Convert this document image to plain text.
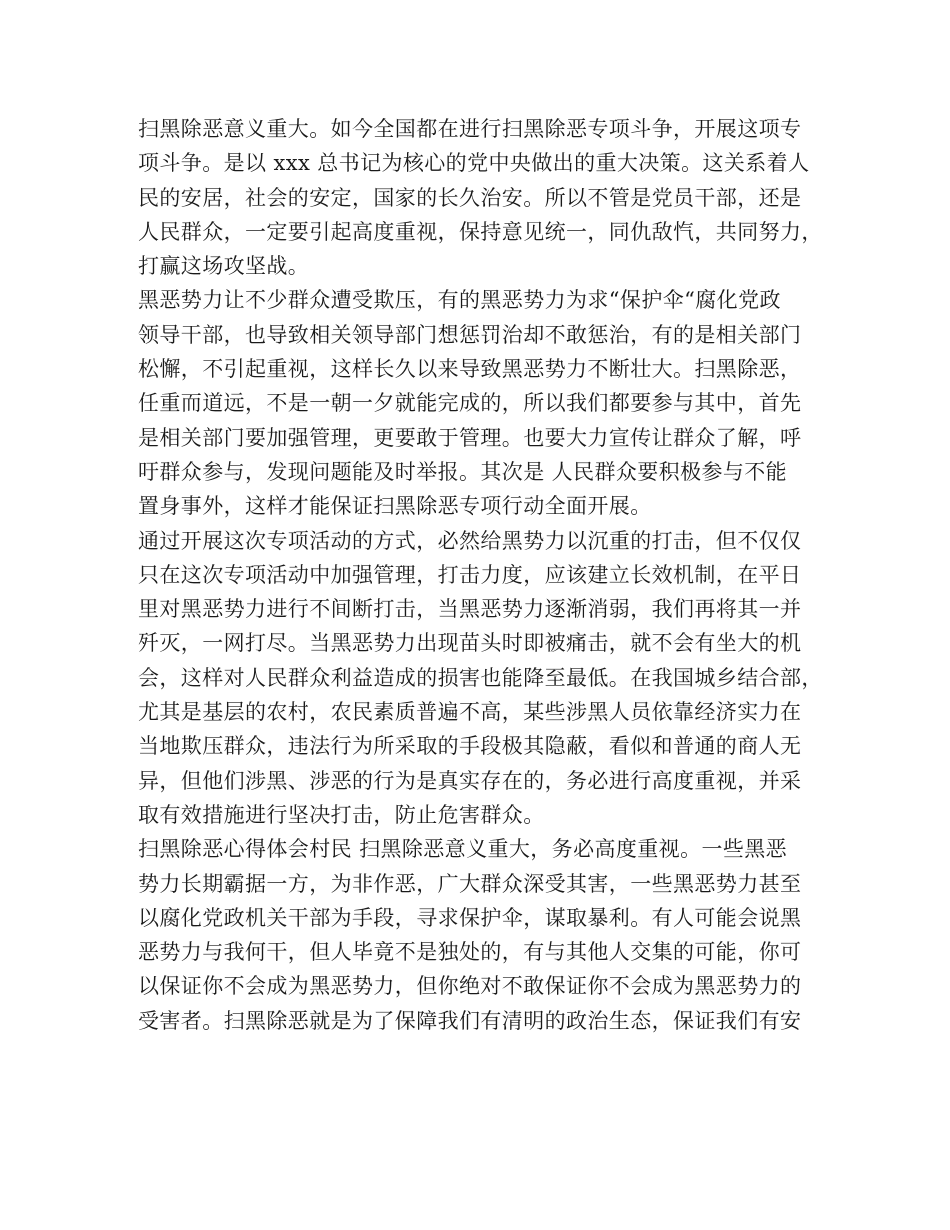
扫黑除恶意义重大。如今全国都在进行扫黑除恶专项斗争，开展这项专
项斗争。是以 xxx 总书记为核心的党中央做出的重大决策。这关系着人
民的安居，社会的安定，国家的长久治安。所以不管是党员干部，还是
人民群众，一定要引起高度重视，保持意见统一，同仇敌忾，共同努力，
打赢这场攻坚战。
黑恶势力让不少群众遭受欺压，有的黑恶势力为求“保护伞“腐化党政
领导干部，也导致相关领导部门想惩罚治却不敢惩治，有的是相关部门
松懈，不引起重视，这样长久以来导致黑恶势力不断壮大。扫黑除恶，
任重而道远，不是一朝一夕就能完成的，所以我们都要参与其中，首先
是相关部门要加强管理，更要敢于管理。也要大力宣传让群众了解，呼
吁群众参与，发现问题能及时举报。其次是 人民群众要积极参与不能
置身事外，这样才能保证扫黑除恶专项行动全面开展。
通过开展这次专项活动的方式，必然给黑势力以沉重的打击，但不仅仅
只在这次专项活动中加强管理，打击力度，应该建立长效机制，在平日
里对黑恶势力进行不间断打击，当黑恶势力逐渐消弱，我们再将其一并
歼灭，一网打尽。当黑恶势力出现苗头时即被痛击，就不会有坐大的机
会，这样对人民群众利益造成的损害也能降至最低。在我国城乡结合部，
尤其是基层的农村，农民素质普遍不高，某些涉黑人员依靠经济实力在
当地欺压群众，违法行为所采取的手段极其隐蔽，看似和普通的商人无
异，但他们涉黑、涉恶的行为是真实存在的，务必进行高度重视，并采
取有效措施进行坚决打击，防止危害群众。
扫黑除恶心得体会村民 扫黑除恶意义重大，务必高度重视。一些黑恶
势力长期霸据一方，为非作恶，广大群众深受其害，一些黑恶势力甚至
以腐化党政机关干部为手段，寻求保护伞，谋取暴利。有人可能会说黑
恶势力与我何干，但人毕竟不是独处的，有与其他人交集的可能，你可
以保证你不会成为黑恶势力，但你绝对不敢保证你不会成为黑恶势力的
受害者。扫黑除恶就是为了保障我们有清明的政治生态，保证我们有安
